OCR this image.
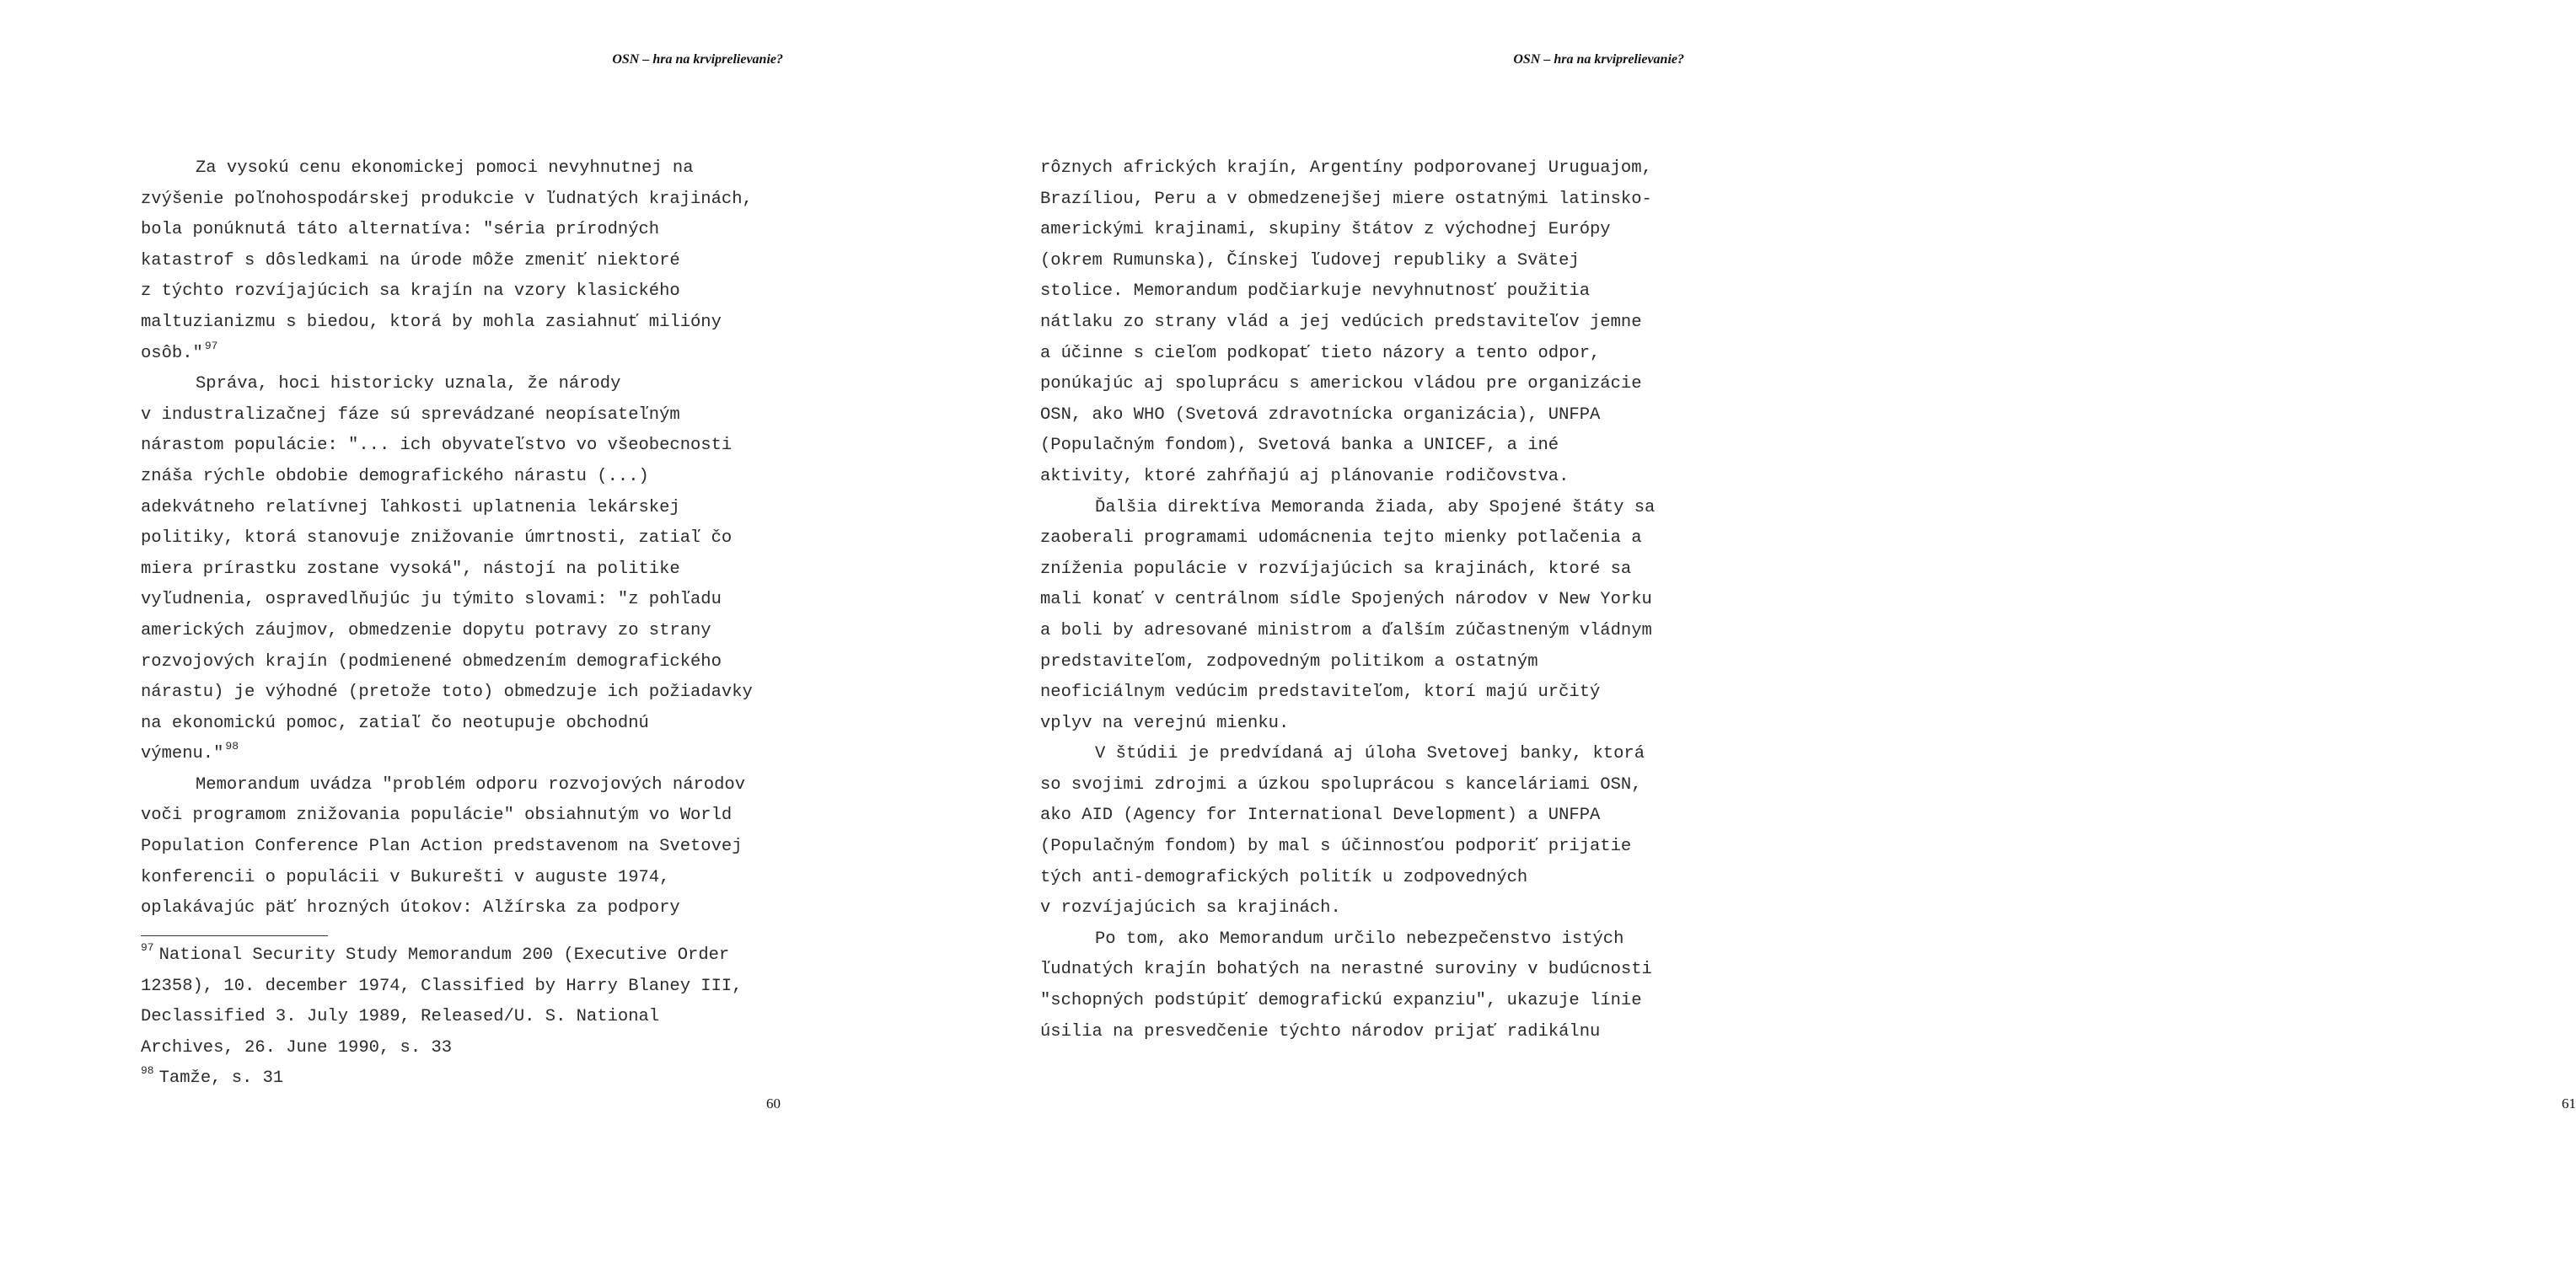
OSN – hra na krviprelievanie?
Za vysokú cenu ekonomickej pomoci nevyhnutnej na
zvýšenie poľnohospodárskej produkcie v ľudnatých krajinách,
bola ponúknutá táto alternatíva: "séria prírodných
katastrof s dôsledkami na úrode môže zmeniť niektoré
z týchto rozvíjajúcich sa krajín na vzory klasického
maltuzianizmu s biedou, ktorá by mohla zasiahnuť milióny
osôb." $^{97}$
Správa, hoci historicky uznala, že národy
v industralizačnej fáze sú sprevádzané neopísateľným
nárastom populácie: "... ich obyvateľstvo vo všeobecnosti
znáša rýchle obdobie demografického nárastu (...)
adekvátneho relatívnej ľahkosti uplatnenia lekárskej
politiky, ktorá stanovuje znižovanie úmrtnosti, zatiaľ čo
miera prírastku zostane vysoká", nástojí na politike
vyľudnenia, ospravedlňujúc ju týmito slovami: "z pohľadu
amerických záujmov, obmedzenie dopytu potravy zo strany
rozvojových krajín (podmienené obmedzením demografického
nárastu) je výhodné (pretože toto) obmedzuje ich požiadavky
na ekonomickú pomoc, zatiaľ čo neotupuje obchodnú
výmenu." $^{98}$
Memorandum uvádza "problém odporu rozvojových národov
voči programom znižovania populácie" obsiahnutým vo World
Population Conference Plan Action predstavenom na Svetovej
konferencii o populácii v Bukurešti v auguste 1974,
oplakávajúc päť hrozných útokov: Alžírska za podpory
$^{97}$ National Security Study Memorandum 200 (Executive Order
12358), 10. december 1974, Classified by Harry Blaney III,
Declassified 3. July 1989, Released/U. S. National
Archives, 26. June 1990, s. 33
$^{98}$ Tamže, s. 31
60
OSN – hra na krviprelievanie?
rôznych afrických krajín, Argentíny podporovanej Uruguajom,
Brazíliou, Peru a v obmedzenejšej miere ostatnými latinsko-
americkými krajinami, skupiny štátov z východnej Európy
(okrem Rumunska), Čínskej ľudovej republiky a Svätej
stolice. Memorandum podčiarkuje nevyhnutnosť použitia
nátlaku zo strany vlád a jej vedúcich predstaviteľov jemne
a účinne s cieľom podkopať tieto názory a tento odpor,
ponúkajúc aj spoluprácu s americkou vládou pre organizácie
OSN, ako WHO (Svetová zdravotnícka organizácia), UNFPA
(Populačným fondom), Svetová banka a UNICEF, a iné
aktivity, ktoré zahŕňajú aj plánovanie rodičovstva.
Ďalšia direktíva Memoranda žiada, aby Spojené štáty sa
zaoberali programami udomácnenia tejto mienky potlačenia a
zníženia populácie v rozvíjajúcich sa krajinách, ktoré sa
mali konať v centrálnom sídle Spojených národov v New Yorku
a boli by adresované ministrom a ďalším zúčastneným vládnym
predstaviteľom, zodpovedným politikom a ostatným
neoficiálnym vedúcim predstaviteľom, ktorí majú určitý
vplyv na verejnú mienku.
V štúdii je predvídaná aj úloha Svetovej banky, ktorá
so svojimi zdrojmi a úzkou spoluprácou s kanceláriami OSN,
ako AID (Agency for International Development) a UNFPA
(Populačným fondom) by mal s účinnosťou podporiť prijatie
tých anti-demografických politík u zodpovedných
v rozvíjajúcich sa krajinách.
Po tom, ako Memorandum určilo nebezpečenstvo istých
ľudnatých krajín bohatých na nerastné suroviny v budúcnosti
"schopných podstúpiť demografickú expanziu", ukazuje línie
úsilia na presvedčenie týchto národov prijať radikálnu
61
